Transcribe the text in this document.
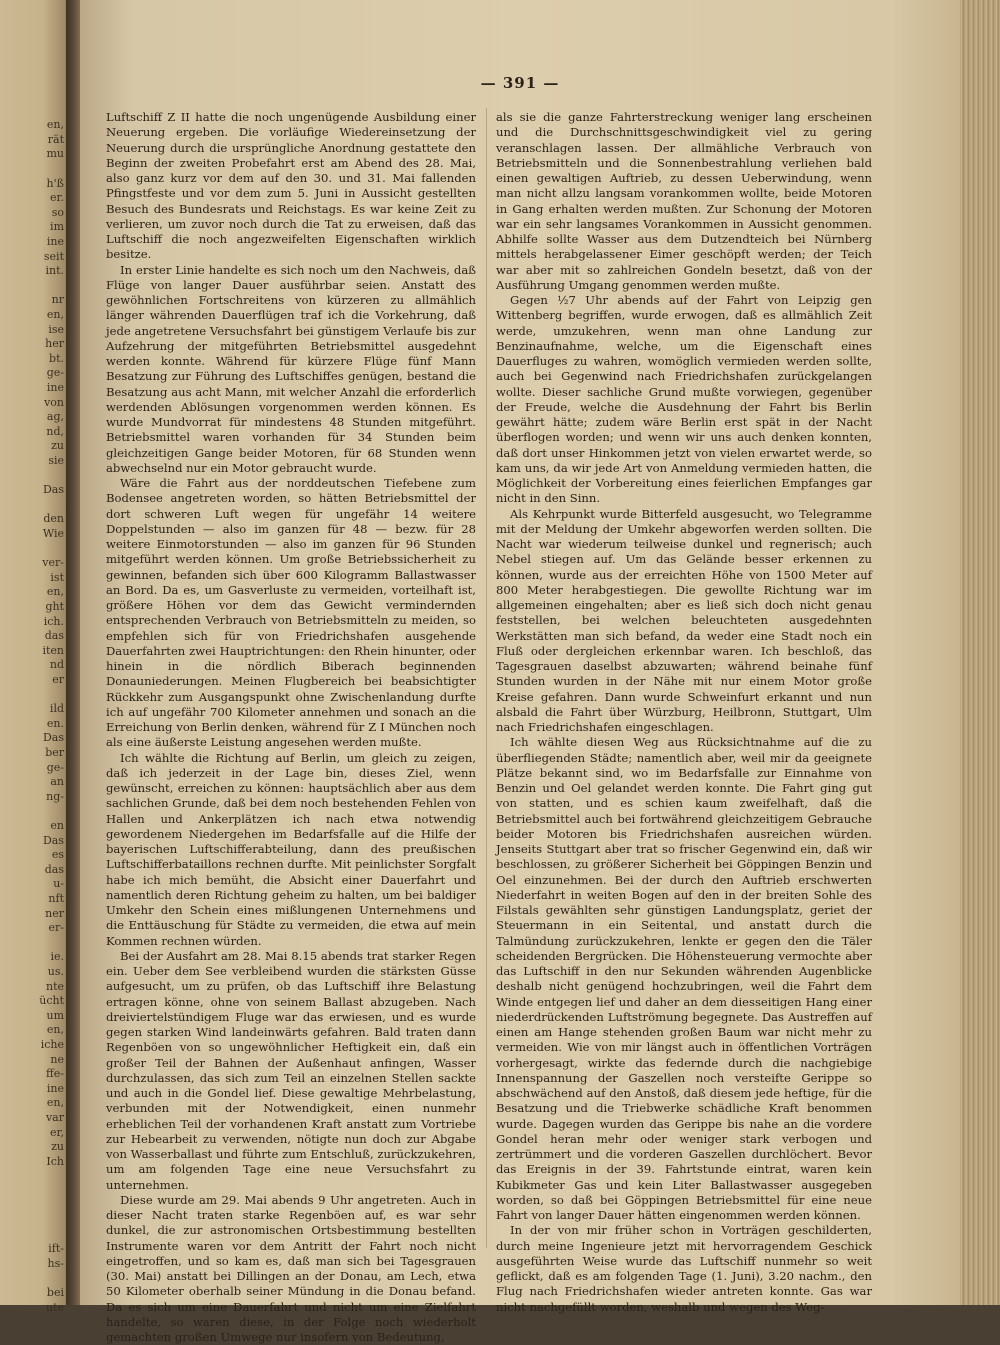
en,
rät
mu
h'ß
er.
so
im
ine
seit
int.
nr
en,
ise
her
bt.
ge-
ine
von
ag,
nd,
zu
sie
Das
den
Wie
ver-
ist
en,
ght
ich.
das
iten
nd
er
ild
en.
Das
ber
ge-
an
ng-
en
Das
es
das
u-
nft
ner
er-
ie.
us.
nte
ücht
um
en,
iche
ne
ffe-
ine
en,
var
er,
zu
Ich
ift-
hs-
bei
ute
— 391 —

Luftschiff Z II hatte die noch ungenügende Ausbildung einer Neuerung ergeben. Die vorläufige Wiedereinsetzung der Neuerung durch die ursprüngliche Anordnung gestattete den Beginn der zweiten Probefahrt erst am Abend des 28. Mai, also ganz kurz vor dem auf den 30. und 31. Mai fallenden Pfingstfeste und vor dem zum 5. Juni in Aussicht gestellten Besuch des Bundesrats und Reichstags. Es war keine Zeit zu verlieren, um zuvor noch durch die Tat zu erweisen, daß das Luftschiff die noch angezweifelten Eigenschaften wirklich besitze.

In erster Linie handelte es sich noch um den Nachweis, daß Flüge von langer Dauer ausführbar seien. Anstatt des gewöhnlichen Fortschreitens von kürzeren zu allmählich länger währenden Dauerflügen traf ich die Vorkehrung, daß jede angetretene Versuchsfahrt bei günstigem Verlaufe bis zur Aufzehrung der mitgeführten Betriebsmittel ausgedehnt werden konnte. Während für kürzere Flüge fünf Mann Besatzung zur Führung des Luftschiffes genügen, bestand die Besatzung aus acht Mann, mit welcher Anzahl die erforderlich werdenden Ablösungen vorgenommen werden können. Es wurde Mundvorrat für mindestens 48 Stunden mitgeführt. Betriebsmittel waren vorhanden für 34 Stunden beim gleichzeitigen Gange beider Motoren, für 68 Stunden wenn abwechselnd nur ein Motor gebraucht wurde.

Wäre die Fahrt aus der norddeutschen Tiefebene zum Bodensee angetreten worden, so hätten Betriebsmittel der dort schweren Luft wegen für ungefähr 14 weitere Doppelstunden — also im ganzen für 48 — bezw. für 28 weitere Einmotorstunden — also im ganzen für 96 Stunden mitgeführt werden können. Um große Betriebssicherheit zu gewinnen, befanden sich über 600 Kilogramm Ballastwasser an Bord. Da es, um Gasverluste zu vermeiden, vorteilhaft ist, größere Höhen vor dem das Gewicht vermindernden entsprechenden Verbrauch von Betriebsmitteln zu meiden, so empfehlen sich für von Friedrichshafen ausgehende Dauerfahrten zwei Hauptrichtungen: den Rhein hinunter, oder hinein in die nördlich Biberach beginnenden Donauniederungen. Meinen Flugbereich bei beabsichtigter Rückkehr zum Ausgangspunkt ohne Zwischenlandung durfte ich auf ungefähr 700 Kilometer annehmen und sonach an die Erreichung von Berlin denken, während für Z I München noch als eine äußerste Leistung angesehen werden mußte.

Ich wählte die Richtung auf Berlin, um gleich zu zeigen, daß ich jederzeit in der Lage bin, dieses Ziel, wenn gewünscht, erreichen zu können: hauptsächlich aber aus dem sachlichen Grunde, daß bei dem noch bestehenden Fehlen von Hallen und Ankerplätzen ich nach etwa notwendig gewordenem Niedergehen im Bedarfsfalle auf die Hilfe der bayerischen Luftschifferabteilung, dann des preußischen Luftschifferbataillons rechnen durfte. Mit peinlichster Sorgfalt habe ich mich bemüht, die Absicht einer Dauerfahrt und namentlich deren Richtung geheim zu halten, um bei baldiger Umkehr den Schein eines mißlungenen Unternehmens und die Enttäuschung für Städte zu vermeiden, die etwa auf mein Kommen rechnen würden.

Bei der Ausfahrt am 28. Mai 8.15 abends trat starker Regen ein. Ueber dem See verbleibend wurden die stärksten Güsse aufgesucht, um zu prüfen, ob das Luftschiff ihre Belastung ertragen könne, ohne von seinem Ballast abzugeben. Nach dreiviertelstündigem Fluge war das erwiesen, und es wurde gegen starken Wind landeinwärts gefahren. Bald traten dann Regenböen von so ungewöhnlicher Heftigkeit ein, daß ein großer Teil der Bahnen der Außenhaut anfingen, Wasser durchzulassen, das sich zum Teil an einzelnen Stellen sackte und auch in die Gondel lief. Diese gewaltige Mehrbelastung, verbunden mit der Notwendigkeit, einen nunmehr erheblichen Teil der vorhandenen Kraft anstatt zum Vortriebe zur Hebearbeit zu verwenden, nötigte nun doch zur Abgabe von Wasserballast und führte zum Entschluß, zurückzukehren, um am folgenden Tage eine neue Versuchsfahrt zu unternehmen.

Diese wurde am 29. Mai abends 9 Uhr angetreten. Auch in dieser Nacht traten starke Regenböen auf, es war sehr dunkel, die zur astronomischen Ortsbestimmung bestellten Instrumente waren vor dem Antritt der Fahrt noch nicht eingetroffen, und so kam es, daß man sich bei Tagesgrauen (30. Mai) anstatt bei Dillingen an der Donau, am Lech, etwa 50 Kilometer oberhalb seiner Mündung in die Donau befand. Da es sich um eine Dauerfahrt und nicht um eine Zielfahrt handelte, so waren diese, in der Folge noch wiederholt gemachten großen Umwege nur insofern von Bedeutung,

als sie die ganze Fahrterstreckung weniger lang erscheinen und die Durchschnittsgeschwindigkeit viel zu gering veranschlagen lassen. Der allmähliche Verbrauch von Betriebsmitteln und die Sonnenbestrahlung verliehen bald einen gewaltigen Auftrieb, zu dessen Ueberwindung, wenn man nicht allzu langsam vorankommen wollte, beide Motoren in Gang erhalten werden mußten. Zur Schonung der Motoren war ein sehr langsames Vorankommen in Aussicht genommen. Abhilfe sollte Wasser aus dem Dutzendteich bei Nürnberg mittels herabgelassener Eimer geschöpft werden; der Teich war aber mit so zahlreichen Gondeln besetzt, daß von der Ausführung Umgang genommen werden mußte.

Gegen ½7 Uhr abends auf der Fahrt von Leipzig gen Wittenberg begriffen, wurde erwogen, daß es allmählich Zeit werde, umzukehren, wenn man ohne Landung zur Benzinaufnahme, welche, um die Eigenschaft eines Dauerfluges zu wahren, womöglich vermieden werden sollte, auch bei Gegenwind nach Friedrichshafen zurückgelangen wollte. Dieser sachliche Grund mußte vorwiegen, gegenüber der Freude, welche die Ausdehnung der Fahrt bis Berlin gewährt hätte; zudem wäre Berlin erst spät in der Nacht überflogen worden; und wenn wir uns auch denken konnten, daß dort unser Hinkommen jetzt von vielen erwartet werde, so kam uns, da wir jede Art von Anmeldung vermieden hatten, die Möglichkeit der Vorbereitung eines feierlichen Empfanges gar nicht in den Sinn.

Als Kehrpunkt wurde Bitterfeld ausgesucht, wo Telegramme mit der Meldung der Umkehr abgeworfen werden sollten. Die Nacht war wiederum teilweise dunkel und regnerisch; auch Nebel stiegen auf. Um das Gelände besser erkennen zu können, wurde aus der erreichten Höhe von 1500 Meter auf 800 Meter herabgestiegen. Die gewollte Richtung war im allgemeinen eingehalten; aber es ließ sich doch nicht genau feststellen, bei welchen beleuchteten ausgedehnten Werkstätten man sich befand, da weder eine Stadt noch ein Fluß oder dergleichen erkennbar waren. Ich beschloß, das Tagesgrauen daselbst abzuwarten; während beinahe fünf Stunden wurden in der Nähe mit nur einem Motor große Kreise gefahren. Dann wurde Schweinfurt erkannt und nun alsbald die Fahrt über Würzburg, Heilbronn, Stuttgart, Ulm nach Friedrichshafen eingeschlagen.

Ich wählte diesen Weg aus Rücksichtnahme auf die zu überfliegenden Städte; namentlich aber, weil mir da geeignete Plätze bekannt sind, wo im Bedarfsfalle zur Einnahme von Benzin und Oel gelandet werden konnte. Die Fahrt ging gut von statten, und es schien kaum zweifelhaft, daß die Betriebsmittel auch bei fortwährend gleichzeitigem Gebrauche beider Motoren bis Friedrichshafen ausreichen würden. Jenseits Stuttgart aber trat so frischer Gegenwind ein, daß wir beschlossen, zu größerer Sicherheit bei Göppingen Benzin und Oel einzunehmen. Bei der durch den Auftrieb erschwerten Niederfahrt in weiten Bogen auf den in der breiten Sohle des Filstals gewählten sehr günstigen Landungsplatz, geriet der Steuermann in ein Seitental, und anstatt durch die Talmündung zurückzukehren, lenkte er gegen den die Täler scheidenden Bergrücken. Die Höhensteuerung vermochte aber das Luftschiff in den nur Sekunden währenden Augenblicke deshalb nicht genügend hochzubringen, weil die Fahrt dem Winde entgegen lief und daher an dem diesseitigen Hang einer niederdrückenden Luftströmung begegnete. Das Austreffen auf einen am Hange stehenden großen Baum war nicht mehr zu vermeiden. Wie von mir längst auch in öffentlichen Vorträgen vorhergesagt, wirkte das federnde durch die nachgiebige Innenspannung der Gaszellen noch versteifte Gerippe so abschwächend auf den Anstoß, daß diesem jede heftige, für die Besatzung und die Triebwerke schädliche Kraft benommen wurde. Dagegen wurden das Gerippe bis nahe an die vordere Gondel heran mehr oder weniger stark verbogen und zertrümmert und die vorderen Gaszellen durchlöchert. Bevor das Ereignis in der 39. Fahrtstunde eintrat, waren kein Kubikmeter Gas und kein Liter Ballastwasser ausgegeben worden, so daß bei Göppingen Betriebsmittel für eine neue Fahrt von langer Dauer hätten eingenommen werden können.

In der von mir früher schon in Vorträgen geschilderten, durch meine Ingenieure jetzt mit hervorragendem Geschick ausgeführten Weise wurde das Luftschiff nunmehr so weit geflickt, daß es am folgenden Tage (1. Juni), 3.20 nachm., den Flug nach Friedrichshafen wieder antreten konnte. Gas war nicht nachgefüllt worden, weshalb und wegen des Weg-
